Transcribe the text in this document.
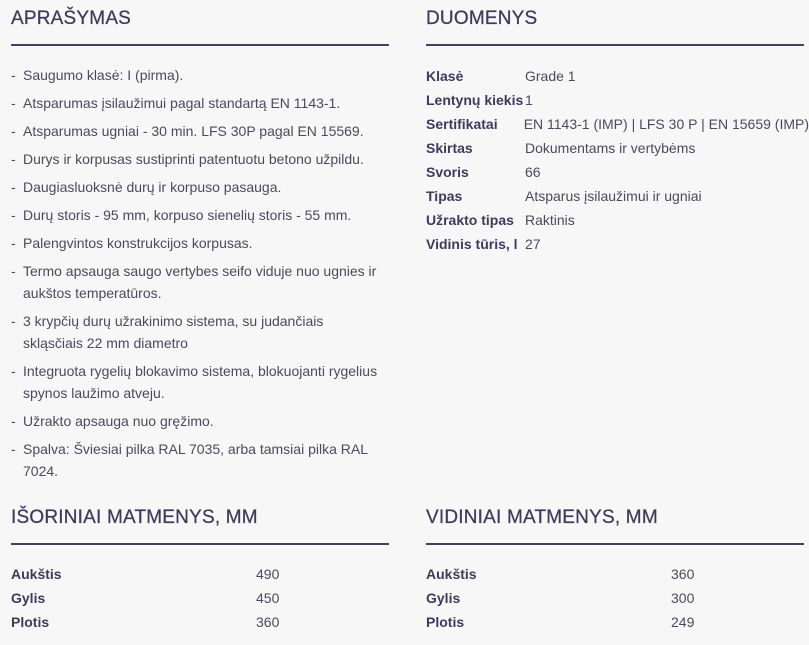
APRAŠYMAS
- Saugumo klasė: I (pirma).
- Atsparumas įsilaužimui pagal standartą EN 1143-1.
- Atsparumas ugniai - 30 min. LFS 30P pagal EN 15569.
- Durys ir korpusas sustiprinti patentuotu betono užpildu.
- Daugiasluoksnė durų ir korpuso pasauga.
- Durų storis - 95 mm, korpuso sienelių storis - 55 mm.
- Palengvintos konstrukcijos korpusas.
- Termo apsauga saugo vertybes seifo viduje nuo ugnies ir aukštos temperatūros.
- 3 krypčių durų užrakinimo sistema, su judančiais skląsčiais 22 mm diametro
- Integruota rygelių blokavimo sistema, blokuojanti rygelius spynos laužimo atveju.
- Užrakto apsauga nuo gręžimo.
- Spalva: Šviesiai pilka RAL 7035, arba tamsiai pilka RAL 7024.
DUOMENYS
Klasė	Grade 1
Lentynų kiekis 1
Sertifikatai	EN 1143-1 (IMP) | LFS 30 P | EN 15659 (IMP)
Skirtas	Dokumentams ir vertybėms
Svoris	66
Tipas	Atsparus įsilaužimui ir ugniai
Užrakto tipas Raktinis
Vidinis tūris, l 27
IŠORINIAI MATMENYS, MM
Aukštis	490
Gylis	450
Plotis	360
VIDINIAI MATMENYS, MM
Aukštis	360
Gylis	300
Plotis	249
